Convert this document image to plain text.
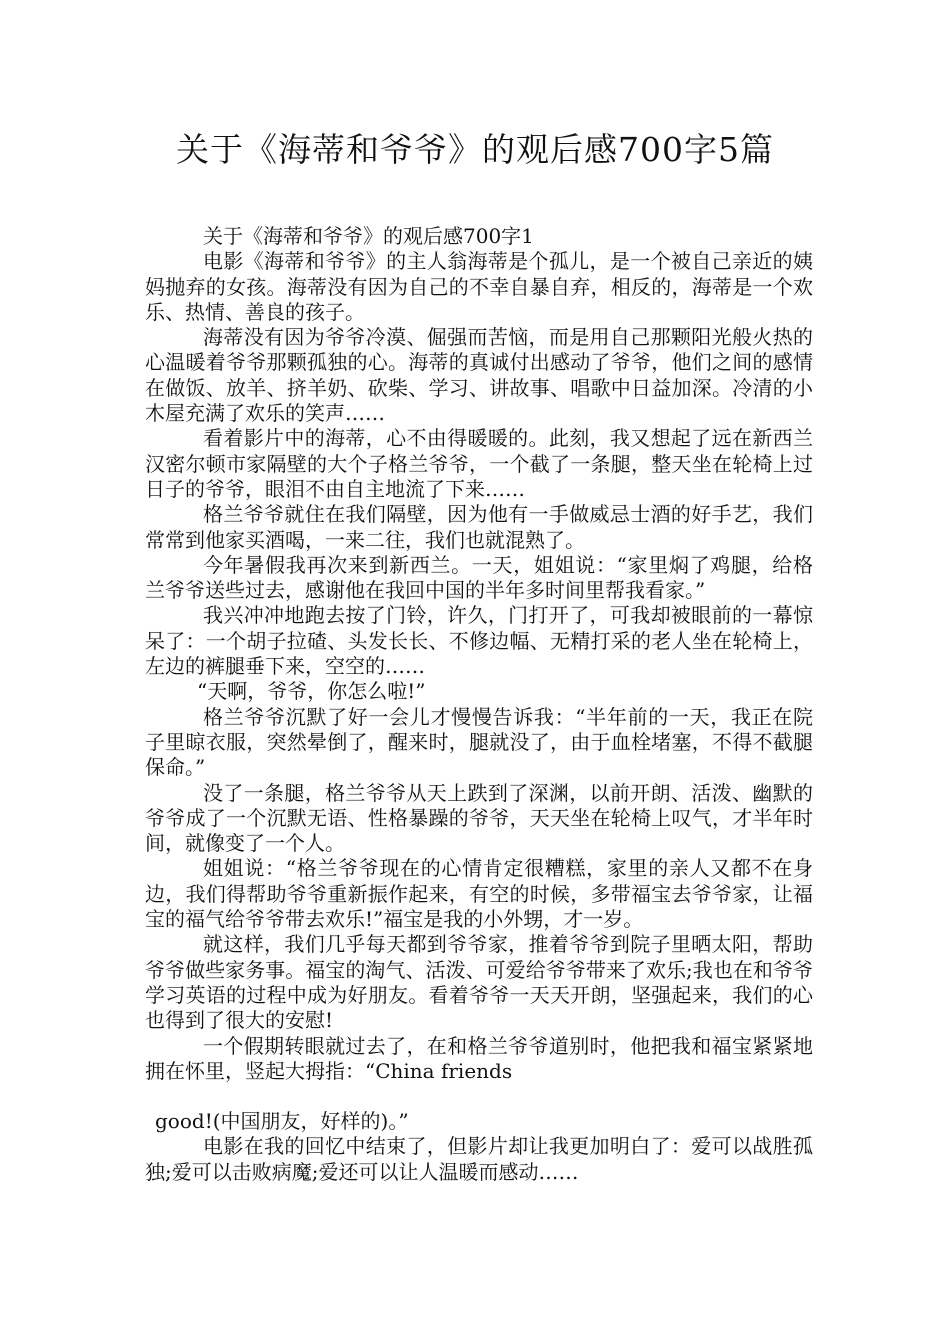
关于《海蒂和爷爷》的观后感700字5篇

关于《海蒂和爷爷》的观后感700字1

电影《海蒂和爷爷》的主人翁海蒂是个孤儿，是一个被自己亲近的姨妈抛弃的女孩。海蒂没有因为自己的不幸自暴自弃，相反的，海蒂是一个欢乐、热情、善良的孩子。

海蒂没有因为爷爷冷漠、倔强而苦恼，而是用自己那颗阳光般火热的心温暖着爷爷那颗孤独的心。海蒂的真诚付出感动了爷爷，他们之间的感情在做饭、放羊、挤羊奶、砍柴、学习、讲故事、唱歌中日益加深。冷清的小木屋充满了欢乐的笑声……

看着影片中的海蒂，心不由得暖暖的。此刻，我又想起了远在新西兰汉密尔顿市家隔壁的大个子格兰爷爷，一个截了一条腿，整天坐在轮椅上过日子的爷爷，眼泪不由自主地流了下来……

格兰爷爷就住在我们隔壁，因为他有一手做威忌士酒的好手艺，我们常常到他家买酒喝，一来二往，我们也就混熟了。

今年暑假我再次来到新西兰。一天，姐姐说：“家里焖了鸡腿，给格兰爷爷送些过去，感谢他在我回中国的半年多时间里帮我看家。”

我兴冲冲地跑去按了门铃，许久，门打开了，可我却被眼前的一幕惊呆了：一个胡子拉碴、头发长长、不修边幅、无精打采的老人坐在轮椅上，左边的裤腿垂下来，空空的……

“天啊，爷爷，你怎么啦!”

格兰爷爷沉默了好一会儿才慢慢告诉我：“半年前的一天，我正在院子里晾衣服，突然晕倒了，醒来时，腿就没了，由于血栓堵塞，不得不截腿保命。”

没了一条腿，格兰爷爷从天上跌到了深渊，以前开朗、活泼、幽默的爷爷成了一个沉默无语、性格暴躁的爷爷，天天坐在轮椅上叹气，才半年时间，就像变了一个人。

姐姐说：“格兰爷爷现在的心情肯定很糟糕，家里的亲人又都不在身边，我们得帮助爷爷重新振作起来，有空的时候，多带福宝去爷爷家，让福宝的福气给爷爷带去欢乐!”福宝是我的小外甥，才一岁。

就这样，我们几乎每天都到爷爷家，推着爷爷到院子里晒太阳，帮助爷爷做些家务事。福宝的淘气、活泼、可爱给爷爷带来了欢乐;我也在和爷爷学习英语的过程中成为好朋友。看着爷爷一天天开朗，坚强起来，我们的心也得到了很大的安慰!

一个假期转眼就过去了，在和格兰爷爷道别时，他把我和福宝紧紧地拥在怀里，竖起大拇指：“China friends

good!(中国朋友，好样的)。”

电影在我的回忆中结束了，但影片却让我更加明白了：爱可以战胜孤独;爱可以击败病魔;爱还可以让人温暖而感动……
